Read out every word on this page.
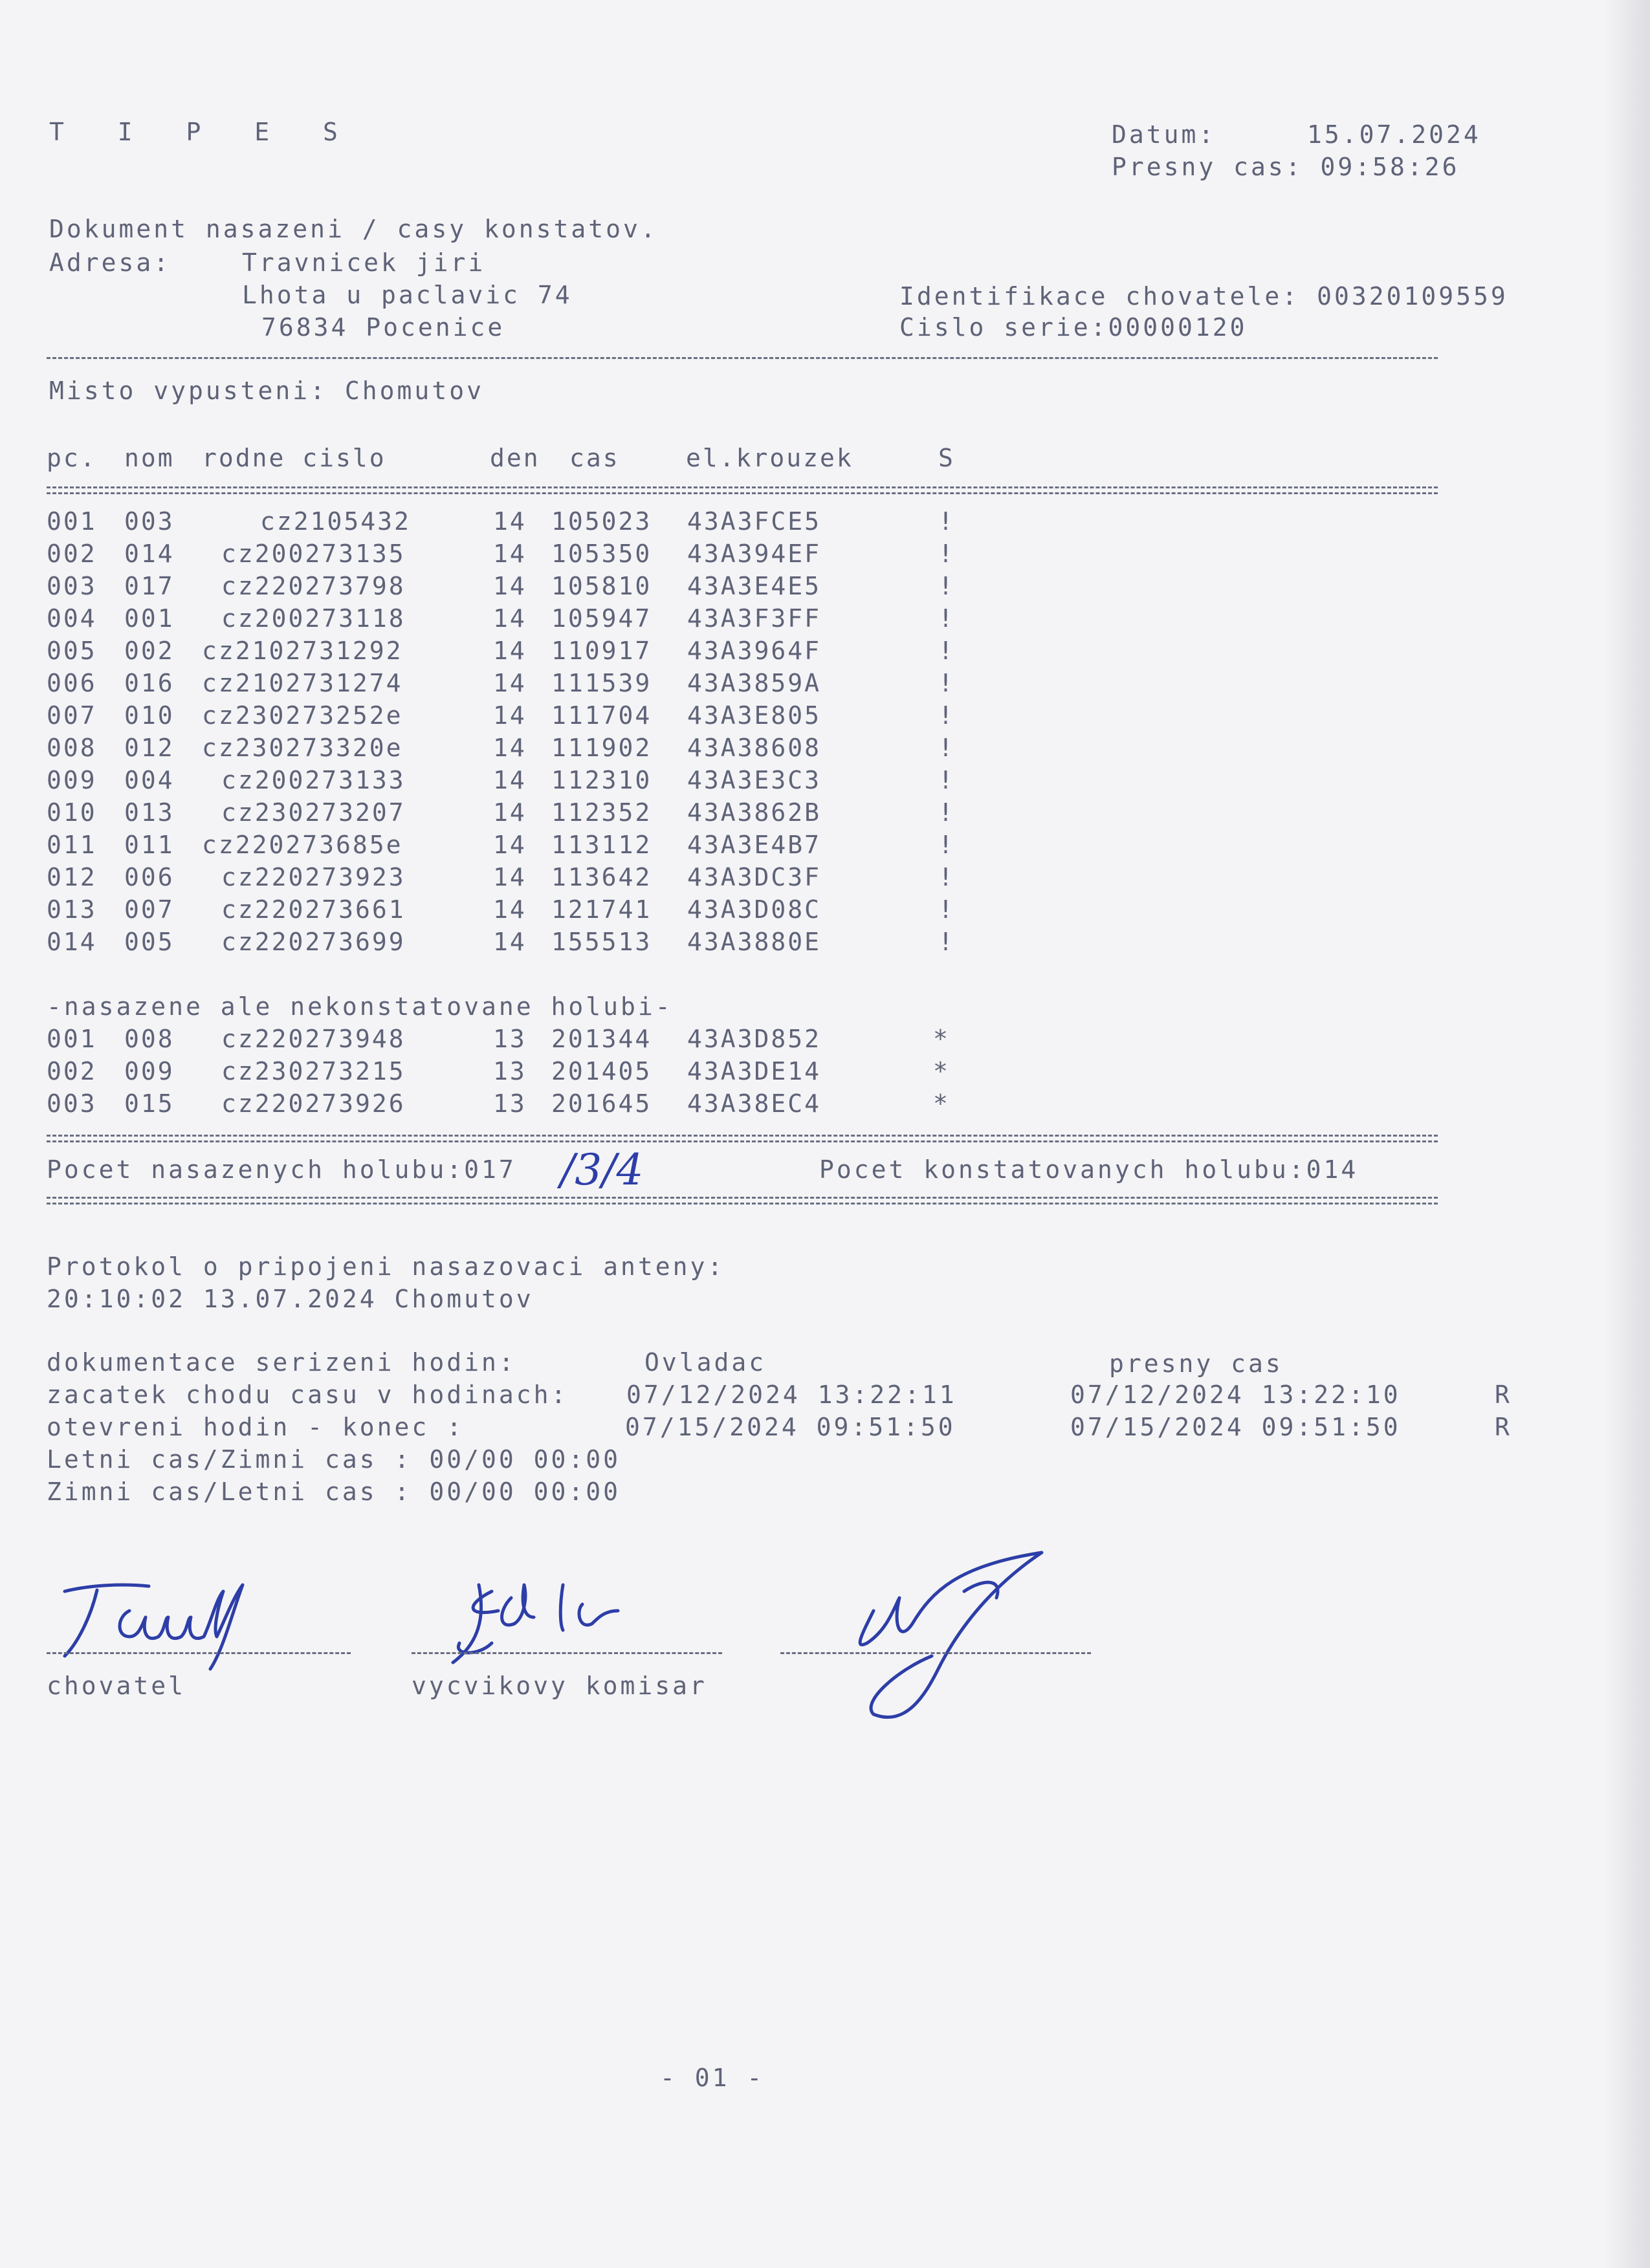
T I P E S	Datum:	15.07.2024
Presny cas: 09:58:26
Dokument nasazeni / casy konstatov.
Adresa:	Travnicek jiri
Lhota u paclavic 74	Identifikace chovatele: 00320109559
76834 Pocenice	Cislo serie:00000120
Misto vypusteni: Chomutov
pc. nom rodne cislo	den cas	el.krouzek	S
001 003	cz2105432	14 105023 43A3FCE5	!
002 014 cz200273135	14 105350 43A394EF	!
003 017 cz220273798	14 105810 43A3E4E5	!
004 001 cz200273118	14 105947 43A3F3FF	!
005 002 cz2102731292	14 110917 43A3964F	!
006 016 cz2102731274	14 111539 43A3859A	!
007 010 cz230273252e	14 111704 43A3E805	!
008 012 cz230273320e	14 111902 43A38608	!
009 004 cz200273133	14 112310 43A3E3C3	!
010 013 cz230273207	14 112352 43A3862B	!
011 011 cz220273685e	14 113112 43A3E4B7	!
012 006 cz220273923	14 113642 43A3DC3F	!
013 007 cz220273661	14 121741 43A3D08C	!
014 005 cz220273699	14 155513 43A3880E	!
-nasazene ale nekonstatovane holubi-
001 008 cz220273948	13 201344 43A3D852	*
002 009 cz230273215	13 201405 43A3DE14	*
003 015 cz220273926	13 201645 43A38EC4	*
Pocet nasazenych holubu:017 /3/4	Pocet konstatovanych holubu:014
Protokol o pripojeni nasazovaci anteny:
20:10:02 13.07.2024 Chomutov
dokumentace serizeni hodin:	Ovladac	presny cas
zacatek chodu casu v hodinach: 07/12/2024 13:22:11	07/12/2024 13:22:10	R
otevreni hodin - konec :	07/15/2024 09:51:50	07/15/2024 09:51:50	R
Letni cas/Zimni cas : 00/00 00:00
Zimni cas/Letni cas : 00/00 00:00
chovatel	vycvikovy komisar
- 01 -
